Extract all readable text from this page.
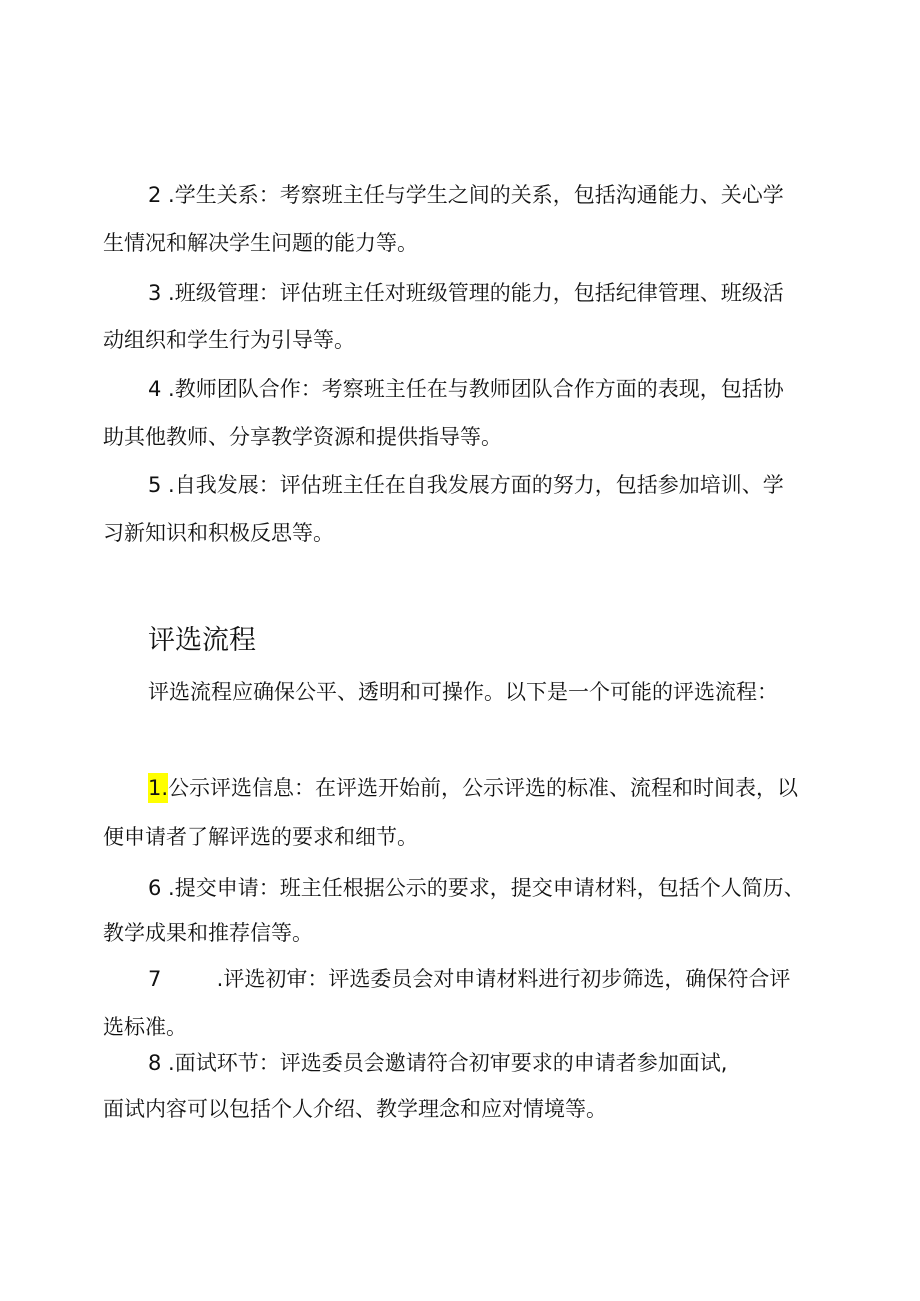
2 .学生关系：考察班主任与学生之间的关系，包括沟通能力、关心学
生情况和解决学生问题的能力等。
3 .班级管理：评估班主任对班级管理的能力，包括纪律管理、班级活
动组织和学生行为引导等。
4 .教师团队合作：考察班主任在与教师团队合作方面的表现，包括协
助其他教师、分享教学资源和提供指导等。
5 .自我发展：评估班主任在自我发展方面的努力，包括参加培训、学
习新知识和积极反思等。
评选流程
评选流程应确保公平、透明和可操作。以下是一个可能的评选流程：
1.公示评选信息：在评选开始前，公示评选的标准、流程和时间表，以
便申请者了解评选的要求和细节。
6 .提交申请：班主任根据公示的要求，提交申请材料，包括个人简历、
教学成果和推荐信等。
7 .评选初审：评选委员会对申请材料进行初步筛选，确保符合评
选标准。
8 .面试环节：评选委员会邀请符合初审要求的申请者参加面试,
面试内容可以包括个人介绍、教学理念和应对情境等。
